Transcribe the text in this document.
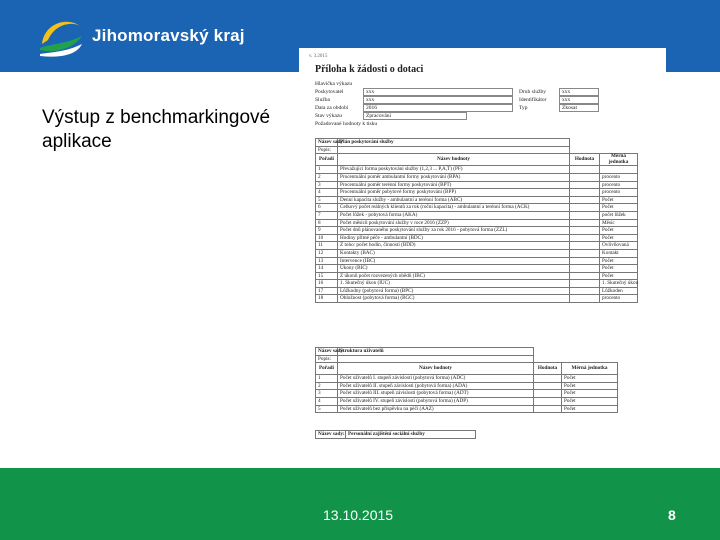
Jihomoravský kraj
Výstup z benchmarkingové aplikace
v. 3.2015
Příloha k žádosti o dotaci
Hlavička výkazu
Poskytovatel	xxx	Druh služby	xxx
Služba	xxx	Identifikátor	xxx
Data za období	2016	Typ	Zkosat
Stav výkazu	Zpracování
Požadované hodnoty k tisku
Název sady:	Plán poskytování služby		
Popis:			
Pořadí	Název hodnoty	Hodnota	Měrná jednotka
1	Převažující forma poskytování služby (1,2,3 ... P,A,T) (PF)		
2	Procentuální poměr ambulantní formy poskytování (BPA)		procento
3	Procentuální poměr terénní formy poskytování (BPT)		procento
4	Procentuální poměr pobytové formy poskytování (BPP)		procento
5	Denní kapacita služby - ambulantní a terénní forma (ABC)		Počet
6	Celkový počet reálných klientů za rok (roční kapacita) - ambulantní a terénní forma (ACK)		Počet
7	Počet lůžek - pobytová forma (AKA)		počet lůžek
8	Počet měsíců poskytování služby v roce 2016 (ZZP)		Měsíc
9	Počet dnů plánovaného poskytování služby za rok 2016 - pobytová forma (ZZL)		Počet
10	Hodiny přímé péče - ambulantní (BDC)		Počet
11	Z toho: počet hodin, činností (BDD)		Ovlivňovaná
12	Kontakty (BAC)		Kontakt
13	Intervence (IBC)		Počet
14	Úkony (BIC)		Počet
15	Z úkonů počet rozvezených obědů (IBC)		Počet
16	1. Skutečný úkon (IUC)		1. Skutečný úkon
17	Lůžkodny (pobytová forma) (BPC)		Lůžkoden
18	Obložnost (pobytová forma) (BGC)		procento
Název sady:	Struktura uživatelů		
Popis:			
Pořadí	Název hodnoty	Hodnota	Měrná jednotka
1	Počet uživatelů I. stupeň závislosti (pobytová forma) (ADC)		Počet
2	Počet uživatelů II. stupeň závislosti (pobytová forma) (ADA)		Počet
3	Počet uživatelů III. stupeň závislosti (pobytová forma) (ADT)		Počet
4	Počet uživatelů IV. stupeň závislosti (pobytová forma) (ADP)		Počet
5	Počet uživatelů bez příspěvku na péči (AAZ)		Počet
Název sady:	Personální zajištění sociální služby
13.10.2015	8
